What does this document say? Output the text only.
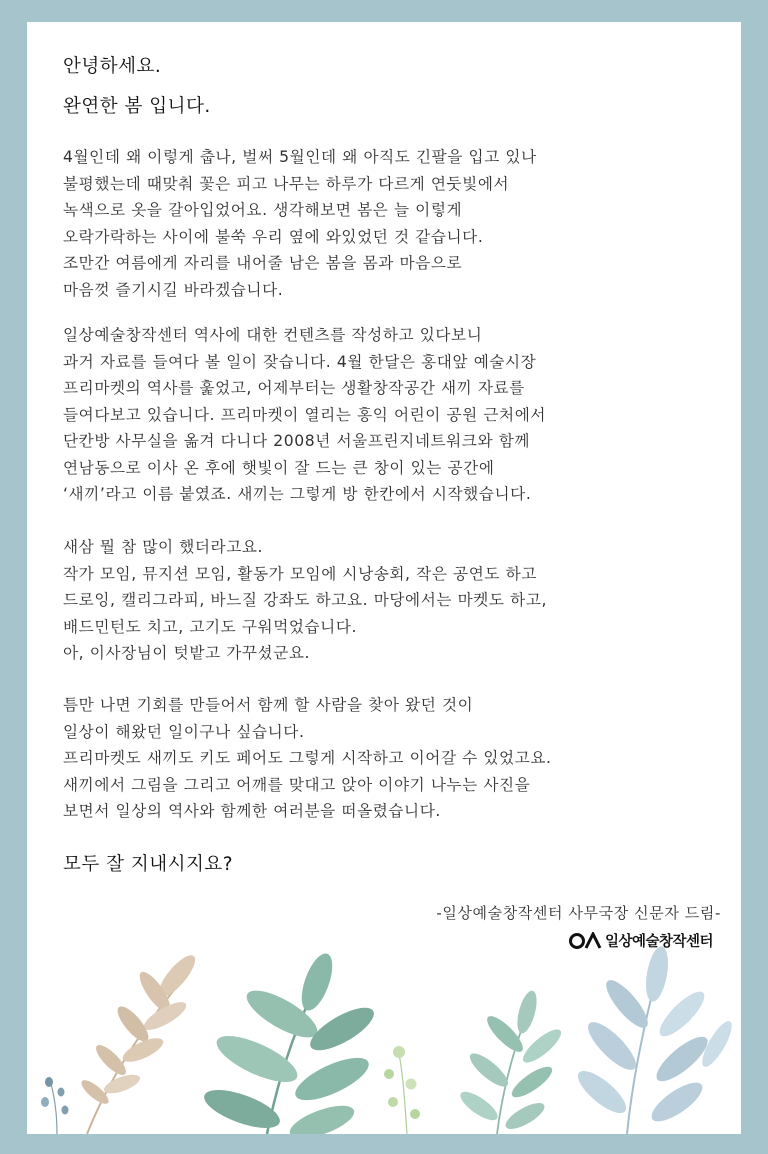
안녕하세요.

완연한 봄 입니다.

4월인데 왜 이렇게 춥나, 벌써 5월인데 왜 아직도 긴팔을 입고 있나
불평했는데 때맞춰 꽃은 피고 나무는 하루가 다르게 연둣빛에서
녹색으로 옷을 갈아입었어요. 생각해보면 봄은 늘 이렇게
오락가락하는 사이에 불쑥 우리 옆에 와있었던 것 같습니다.
조만간 여름에게 자리를 내어줄 남은 봄을 몸과 마음으로
마음껏 즐기시길 바라겠습니다.

일상예술창작센터 역사에 대한 컨텐츠를 작성하고 있다보니
과거 자료를 들여다 볼 일이 잦습니다. 4월 한달은 홍대앞 예술시장
프리마켓의 역사를 훑었고, 어제부터는 생활창작공간 새끼 자료를
들여다보고 있습니다. 프리마켓이 열리는 홍익 어린이 공원 근처에서
단칸방 사무실을 옮겨 다니다 2008년 서울프린지네트워크와 함께
연남동으로 이사 온 후에 햇빛이 잘 드는 큰 창이 있는 공간에
‘새끼’라고 이름 붙였죠. 새끼는 그렇게 방 한칸에서 시작했습니다.

새삼 뭘 참 많이 했더라고요.
작가 모임, 뮤지션 모임, 활동가 모임에 시낭송회, 작은 공연도 하고
드로잉, 캘리그라피, 바느질 강좌도 하고요. 마당에서는 마켓도 하고,
배드민턴도 치고, 고기도 구워먹었습니다.
아, 이사장님이 텃밭고 가꾸셨군요.

틈만 나면 기회를 만들어서 함께 할 사람을 찾아 왔던 것이
일상이 해왔던 일이구나 싶습니다.
프리마켓도 새끼도 키도 페어도 그렇게 시작하고 이어갈 수 있었고요.
새끼에서 그림을 그리고 어깨를 맞대고 앉아 이야기 나누는 사진을
보면서 일상의 역사와 함께한 여러분을 떠올렸습니다.

모두 잘 지내시지요?

-일상예술창작센터 사무국장 신문자 드림-

일상예술창작센터
